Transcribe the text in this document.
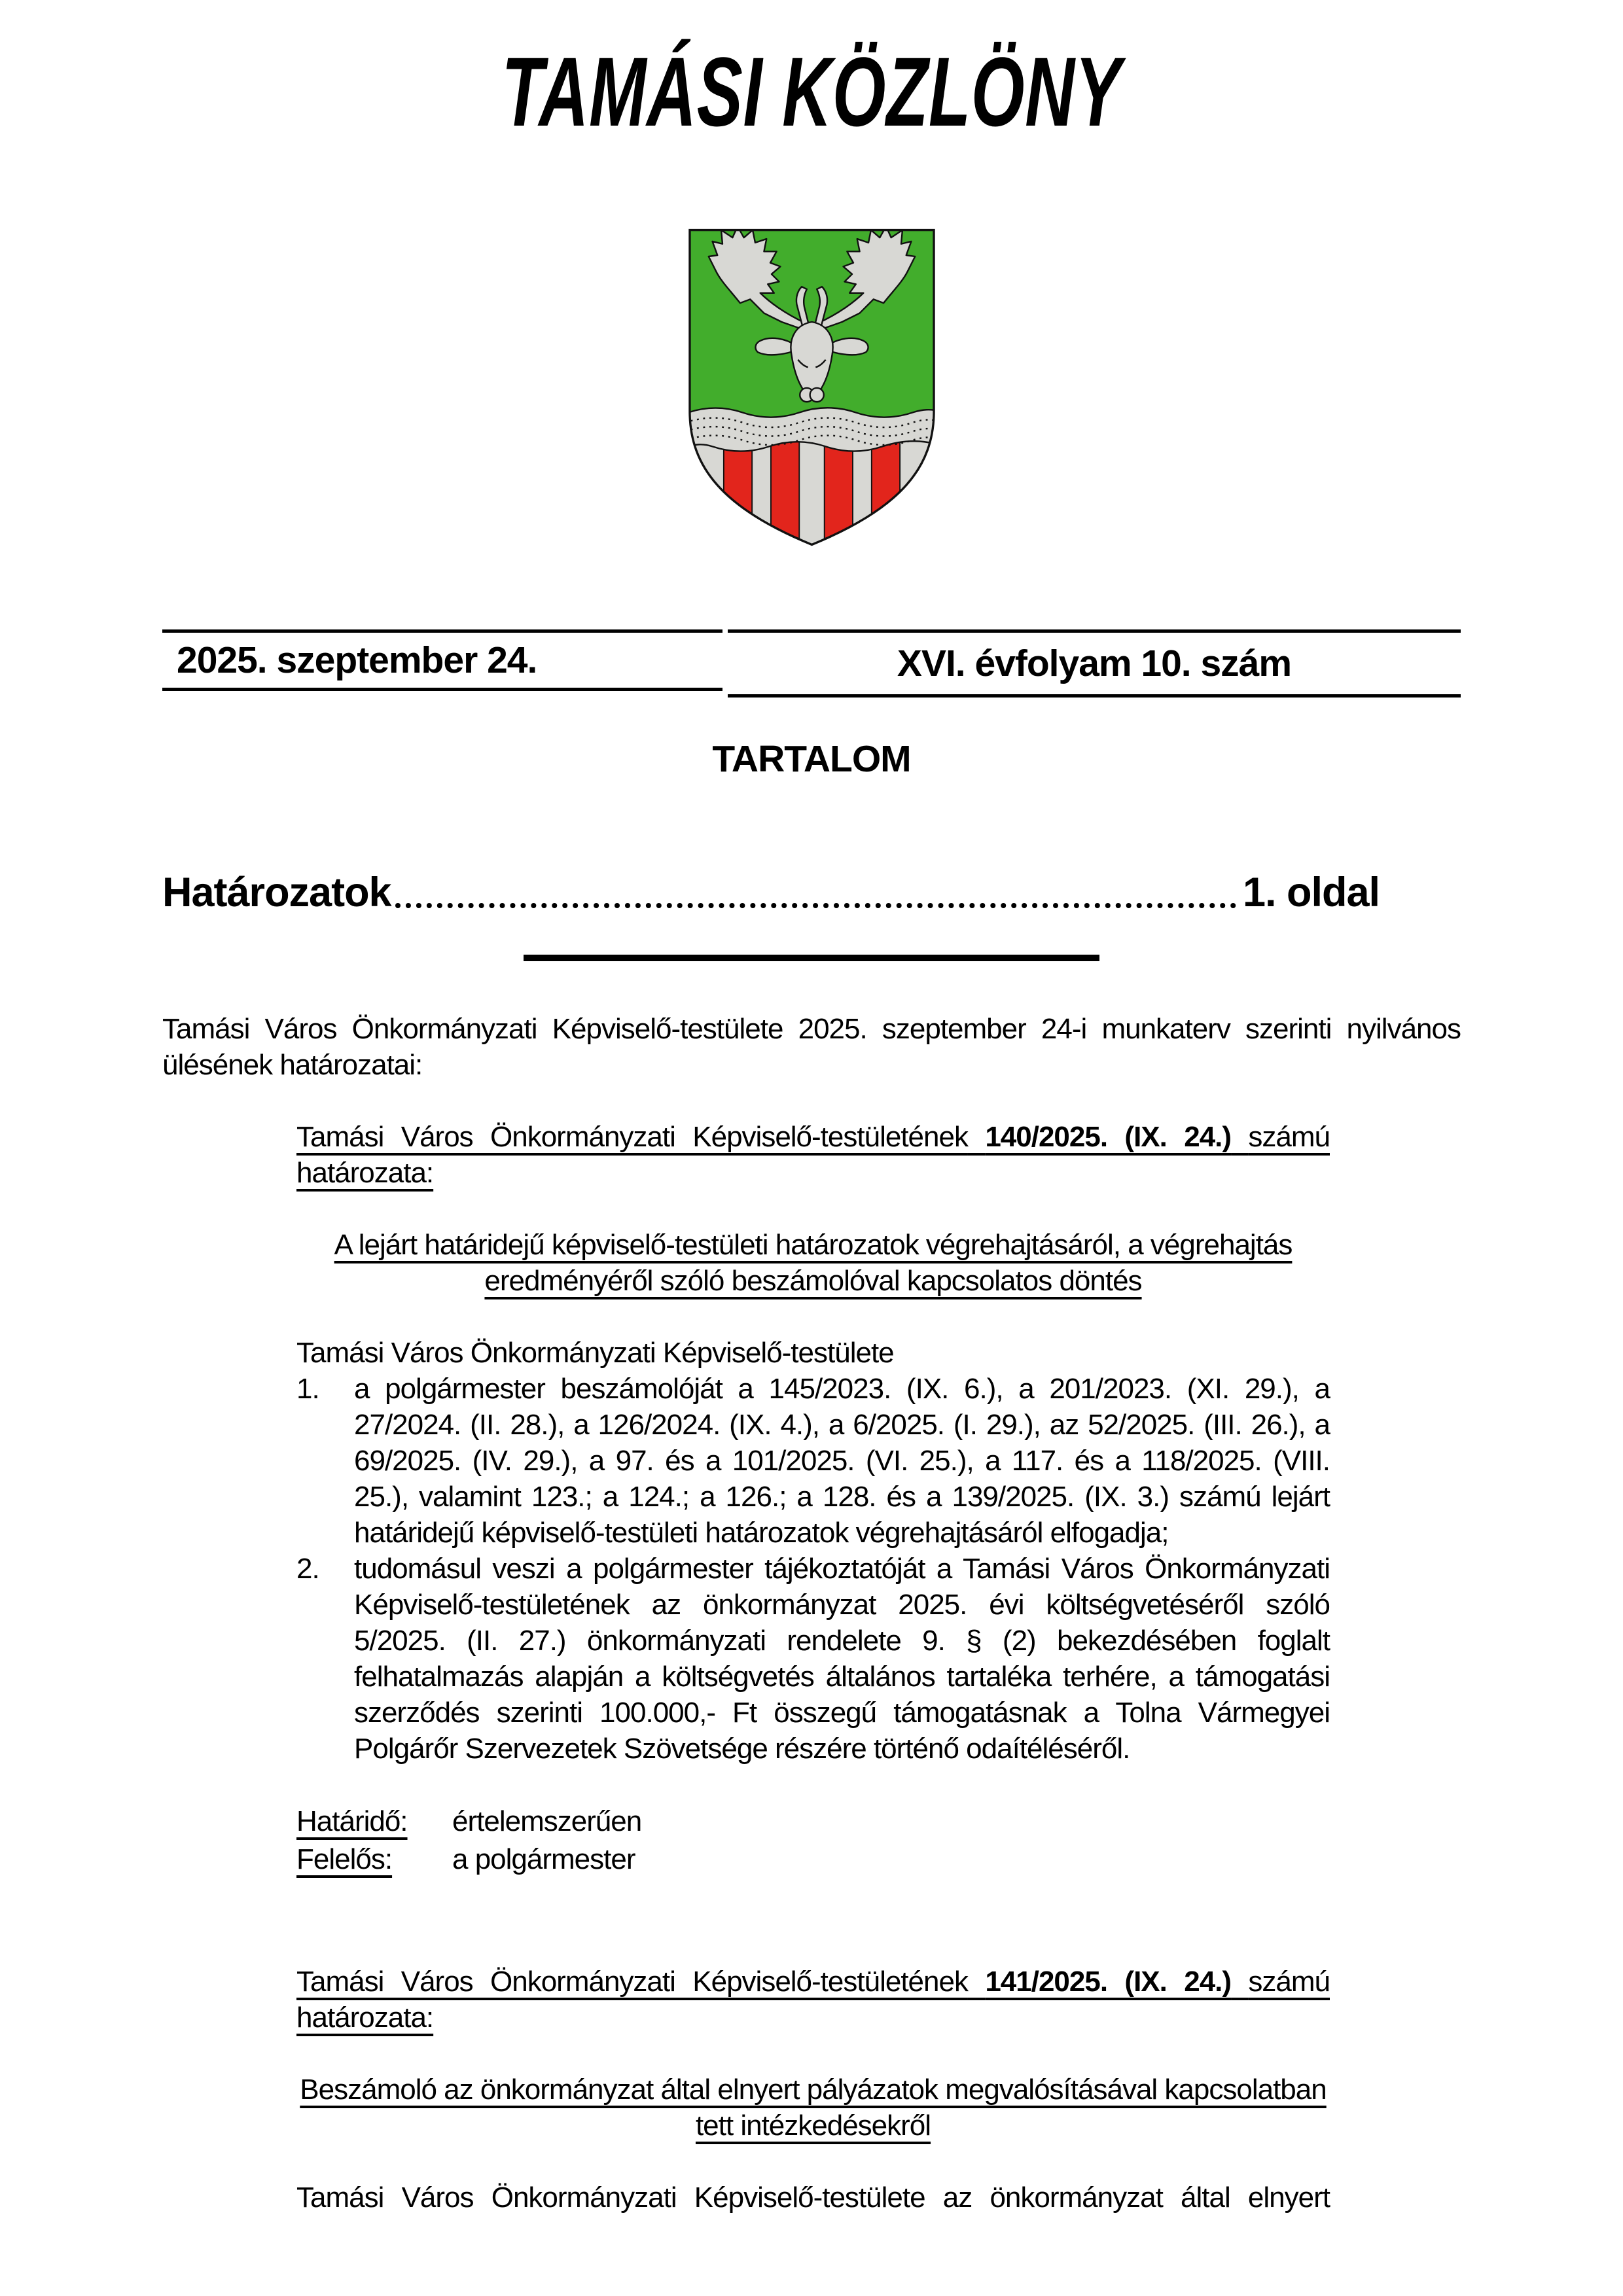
TAMÁSI KÖZLÖNY
2025. szeptember 24.	XVI. évfolyam 10. szám
TARTALOM
Határozatok	1. oldal
Tamási Város Önkormányzati Képviselő-testülete 2025. szeptember 24-i munkaterv szerinti nyilvános
ülésének határozatai:
Tamási Város Önkormányzati Képviselő-testületének 140/2025. (IX. 24.) számú
határozata:
A lejárt határidejű képviselő-testületi határozatok végrehajtásáról, a végrehajtás
eredményéről szóló beszámolóval kapcsolatos döntés
Tamási Város Önkormányzati Képviselő-testülete
1.	a polgármester beszámolóját a 145/2023. (IX. 6.), a 201/2023. (XI. 29.), a 27/2024. (II. 28.), a 126/2024. (IX. 4.), a 6/2025. (I. 29.), az 52/2025. (III. 26.), a 69/2025. (IV. 29.), a 97. és a 101/2025. (VI. 25.), a 117. és a 118/2025. (VIII. 25.), valamint 123.; a 124.; a 126.; a 128. és a 139/2025. (IX. 3.) számú lejárt határidejű képviselő-testületi határozatok végrehajtásáról elfogadja;
2.	tudomásul veszi a polgármester tájékoztatóját a Tamási Város Önkormányzati Képviselő-testületének az önkormányzat 2025. évi költségvetéséről szóló 5/2025. (II. 27.) önkormányzati rendelete 9. § (2) bekezdésében foglalt felhatalmazás alapján a költségvetés általános tartaléka terhére, a támogatási szerződés szerinti 100.000,- Ft összegű támogatásnak a Tolna Vármegyei Polgárőr Szervezetek Szövetsége részére történő odaítéléséről.
Határidő:	értelemszerűen
Felelős:	a polgármester
Tamási Város Önkormányzati Képviselő-testületének 141/2025. (IX. 24.) számú
határozata:
Beszámoló az önkormányzat által elnyert pályázatok megvalósításával kapcsolatban
tett intézkedésekről
Tamási Város Önkormányzati Képviselő-testülete az önkormányzat által elnyert
